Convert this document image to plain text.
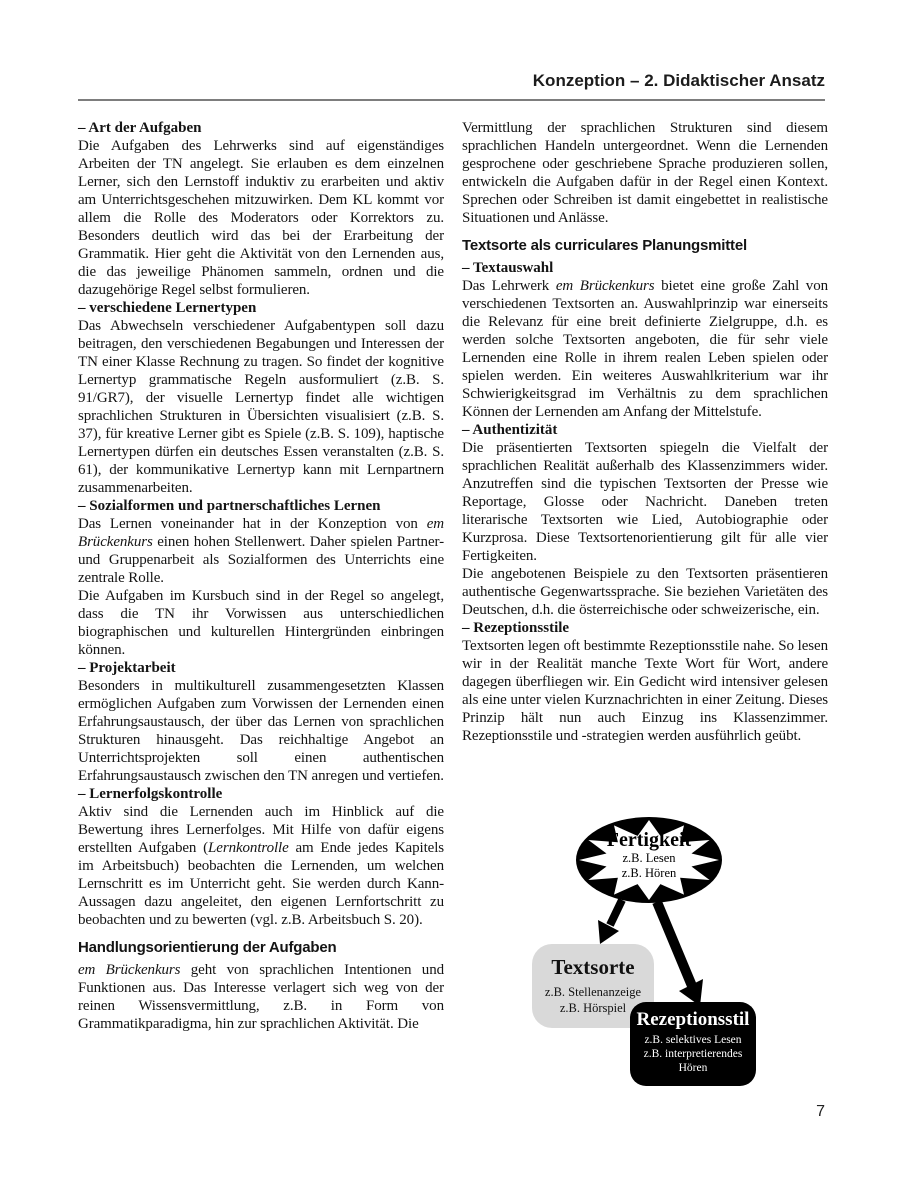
Konzeption – 2. Didaktischer Ansatz
– Art der Aufgaben
Die Aufgaben des Lehrwerks sind auf eigenständiges Arbeiten der TN angelegt. Sie erlauben es dem einzelnen Lerner, sich den Lernstoff induktiv zu erarbeiten und aktiv am Unterrichtsgeschehen mitzuwirken. Dem KL kommt vor allem die Rolle des Moderators oder Korrektors zu. Besonders deutlich wird das bei der Erarbeitung der Grammatik. Hier geht die Aktivität von den Lernenden aus, die das jeweilige Phänomen sammeln, ordnen und die dazugehörige Regel selbst formulieren.
– verschiedene Lernertypen
Das Abwechseln verschiedener Aufgabentypen soll dazu beitragen, den verschiedenen Begabungen und Interessen der TN einer Klasse Rechnung zu tragen. So findet der kognitive Lernertyp grammatische Regeln ausformuliert (z.B. S. 91/GR7), der visuelle Lernertyp findet alle wichtigen sprachlichen Strukturen in Übersichten visualisiert (z.B. S. 37), für kreative Lerner gibt es Spiele (z.B. S. 109), haptische Lernertypen dürfen ein deutsches Essen veranstalten (z.B. S. 61), der kommunikative Lernertyp kann mit Lernpartnern zusammenarbeiten.
– Sozialformen und partnerschaftliches Lernen
Das Lernen voneinander hat in der Konzeption von em Brückenkurs einen hohen Stellenwert. Daher spielen Partner- und Gruppenarbeit als Sozialformen des Unterrichts eine zentrale Rolle.
Die Aufgaben im Kursbuch sind in der Regel so angelegt, dass die TN ihr Vorwissen aus unterschiedlichen biographischen und kulturellen Hintergründen einbringen können.
– Projektarbeit
Besonders in multikulturell zusammengesetzten Klassen ermöglichen Aufgaben zum Vorwissen der Lernenden einen Erfahrungsaustausch, der über das Lernen von sprachlichen Strukturen hinausgeht. Das reichhaltige Angebot an Unterrichtsprojekten soll einen authentischen Erfahrungsaustausch zwischen den TN anregen und vertiefen.
– Lernerfolgskontrolle
Aktiv sind die Lernenden auch im Hinblick auf die Bewertung ihres Lernerfolges. Mit Hilfe von dafür eigens erstellten Aufgaben (Lernkontrolle am Ende jedes Kapitels im Arbeitsbuch) beobachten die Lernenden, um welchen Lernschritt es im Unterricht geht. Sie werden durch Kann-Aussagen dazu angeleitet, den eigenen Lernfortschritt zu beobachten und zu bewerten (vgl. z.B. Arbeitsbuch S. 20).
Handlungsorientierung der Aufgaben
em Brückenkurs geht von sprachlichen Intentionen und Funktionen aus. Das Interesse verlagert sich weg von der reinen Wissensvermittlung, z.B. in Form von Grammatikparadigma, hin zur sprachlichen Aktivität. Die
Vermittlung der sprachlichen Strukturen sind diesem sprachlichen Handeln untergeordnet. Wenn die Lernenden gesprochene oder geschriebene Sprache produzieren sollen, entwickeln die Aufgaben dafür in der Regel einen Kontext. Sprechen oder Schreiben ist damit eingebettet in realistische Situationen und Anlässe.
Textsorte als curriculares Planungsmittel
– Textauswahl
Das Lehrwerk em Brückenkurs bietet eine große Zahl von verschiedenen Textsorten an. Auswahlprinzip war einerseits die Relevanz für eine breit definierte Zielgruppe, d.h. es werden solche Textsorten angeboten, die für sehr viele Lernenden eine Rolle in ihrem realen Leben spielen oder spielen werden. Ein weiteres Auswahlkriterium war ihr Schwierigkeitsgrad im Verhältnis zu dem sprachlichen Können der Lernenden am Anfang der Mittelstufe.
– Authentizität
Die präsentierten Textsorten spiegeln die Vielfalt der sprachlichen Realität außerhalb des Klassenzimmers wider. Anzutreffen sind die typischen Textsorten der Presse wie Reportage, Glosse oder Nachricht. Daneben treten literarische Textsorten wie Lied, Autobiographie oder Kurzprosa. Diese Textsortenorientierung gilt für alle vier Fertigkeiten.
Die angebotenen Beispiele zu den Textsorten präsentieren authentische Gegenwartssprache. Sie beziehen Varietäten des Deutschen, d.h. die österreichische oder schweizerische, ein.
– Rezeptionsstile
Textsorten legen oft bestimmte Rezeptionsstile nahe. So lesen wir in der Realität manche Texte Wort für Wort, andere dagegen überfliegen wir. Ein Gedicht wird intensiver gelesen als eine unter vielen Kurznachrichten in einer Zeitung. Dieses Prinzip hält nun auch Einzug ins Klassenzimmer. Rezeptionsstile und -strategien werden ausführlich geübt.
Fertigkeit
z.B. Lesen
z.B. Hören
Textsorte
z.B. Stellenanzeige
z.B. Hörspiel
Rezeptionsstil
z.B. selektives Lesen
z.B. interpretierendes
Hören
7
